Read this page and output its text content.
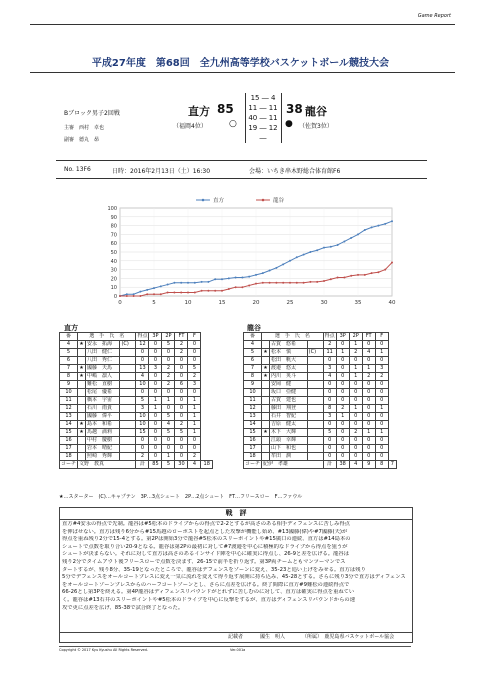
Game Report
平成27年度　第68回　全九州高等学校バスケットボール競技大会
Bブロック男子2回戦
主審　 西村　卓也
副審　 德丸　昴
直方 85
（福岡4位） ○
15 ― 4
11 ― 11
40 ― 11
19 ― 12
―
38 龍谷
● （佐賀3位）
No. 13F6	日時：2016年2月13日（土）16:30	会場：いちき串木野総合体育館F6
0
10
20
30
40
50
60
70
80
90
100
0	5	10	15	20	25	30	35	40
直方	龍谷
直方	龍谷
番	選　手　氏　名			得点	3P	2P	FT	F	
4	★	安永　拓海	(C)	12	0	5	2	0	
5		八田　健仁		0	0	0	2	0	
6		八田　秀仁		0	0	0	0	0	
7	★	國藤　天馬		13	3	2	0	5	
8	★	中嶋　凛人		4	0	2	0	2	
9		難松　直樹		10	0	2	6	3	
10		松尾　優希		0	0	0	0	0	
11		橋本　宇宙		5	1	1	0	1	
12		石川　雨貴		3	1	0	0	1	
13		國藤　偉平		10	0	5	0	1	
14	★	島本　和希		10	0	4	2	1	
15	★	馬越　満莉		15	0	5	5	1	
16		中村　慶樹		0	0	0	0	0	
17		岩本　晴紀		0	0	0	0	0	
18		照崎　秀輝		2	0	1	0	2	
コーチ	文野　教真			計	85	5	30	4	18
番	選　手　氏　名			得点	3P	2P	FT	F	
4		古賀　悠希		2	0	1	0	0	
5	★	松本　慎	(C)	11	1	2	4	1	
6		松田　帆大		0	0	0	0	0	
7	★	渡邉　悠太		3	0	1	1	3	
8	★	内川　英斗		4	0	1	2	2	
9		安岡　健		0	0	0	0	0	
10		坂口　亞健		0	0	0	0	0	
11		古賀　建也		0	0	0	0	0	
12		藤田　翔登		8	2	1	0	1	
13		石井　智紀		3	1	0	0	0	
14		吉原　健太		0	0	0	0	0	
15	★	木下　大輝		5	0	2	1	1	
16		江頭　幸輝		0	0	0	0	0	
17		山下　和也		0	0	0	0	0	
18		牟田　潤		0	0	0	0	0	
コーチ	紀伊　孝雄			計	38	4	9	8	7
★…スターター　(C)…キャプテン　3P…3点シュート　2P…2点シュート　FT…フリースロー　F…ファウル
戦　評
直方#4安永の得点で先制。龍谷は#5松本のドライブからの得点で2-2とするが高さのある相手ディフェンスに苦しみ得点
を伸ばせない。直方は残り6分から#15馬越のローポストを起点とした攻撃が機能し始め、#13國藤(偉)や#7國藤(天)が
得点を重ね残り2分で15-4とする。第2Pは開始3分で龍谷#5松本のスリーポイントや#15廣口の連続、直方は#14島本の
シュートで点数を取り合い20-9となる。龍谷は第2Pの最初に対して#7渡邉を中心に積極的なドライブから得点を狙うが
シュートが決まらない。それに対して直方は高さのあるインサイド陣を中心に確実に得点し、26-9と差を広げる。龍谷は
残り2分でタイムアウト後フリースローで点数を決ます、26-15で前半を折り返す。第3P両チームともマンツーマンでス
タートするが、残り8分、35-19となったところで、龍谷はデフェンスをゾーンに変え、35-23と追い上げをみせる。直方は残り
5分でデフェンスをオールコートプレスに変え一気に流れを変えて得り返す展開に持ち込み、45-28とする。さらに残り3分で直方はディフェンス
をオールコートゾーンプレスからのハーフコートゾーンとし、さらに点差を広げる。終了間際に直方#9難松の連続得点で
66-26とし第3Pを終える。第4P龍谷はディフェンスリバウンドがとれずに苦しむのに対して、直方は確実に得点を重ねてい
く。龍谷は#13石井のスリーポイントや#5松本のドライブを中心に反撃をするが、直方はディフェンスリバウンドからの速
攻で更に点差を広げ、85-38で試合終了となった。
記載者	國生　明人	（所属）　鹿児島県バスケットボール協会
Copyright © 2017 Kyu Kyushu All Rights Reserved.	Ver.001a
